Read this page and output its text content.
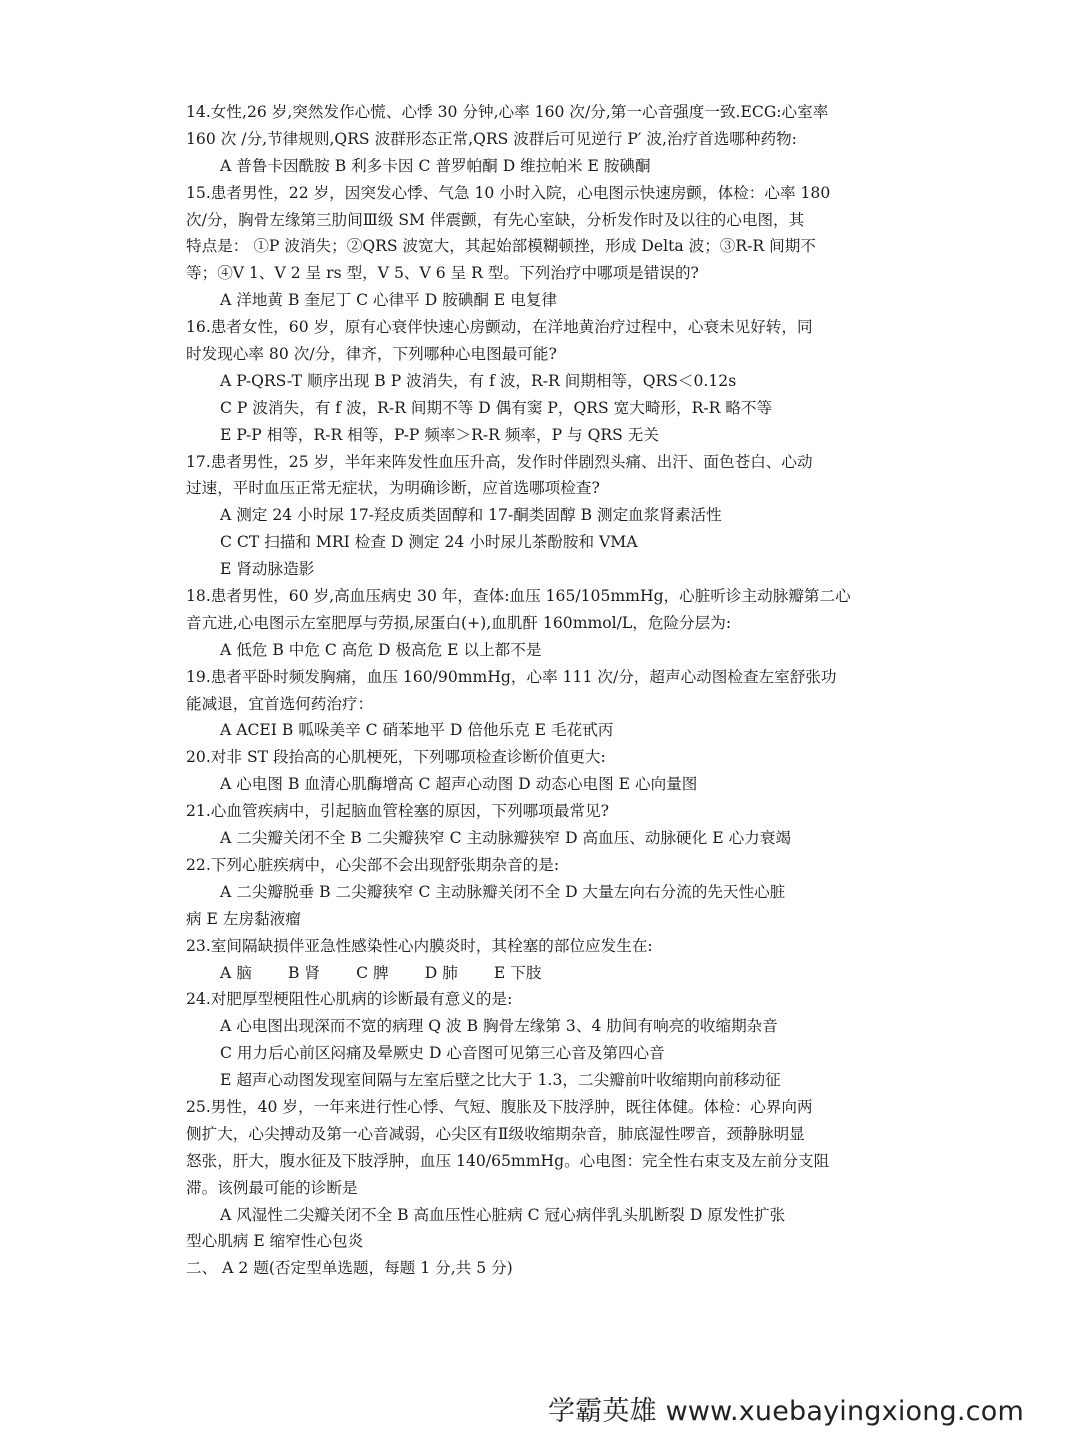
14.女性,26 岁,突然发作心慌、心悸 30 分钟,心率 160 次/分,第一心音强度一致.ECG:心室率
160 次 /分,节律规则,QRS 波群形态正常,QRS 波群后可见逆行 P′ 波,治疗首选哪种药物:
A 普鲁卡因酰胺 B 利多卡因 C 普罗帕酮 D 维拉帕米 E 胺碘酮
15.患者男性，22 岁，因突发心悸、气急 10 小时入院，心电图示快速房颤，体检：心率 180
次/分，胸骨左缘第三肋间Ⅲ级 SM 伴震颤，有先心室缺，分析发作时及以往的心电图，其
特点是： ①P 波消失；②QRS 波宽大，其起始部模糊顿挫，形成 Delta 波；③R-R 间期不
等；④V 1、V 2 呈 rs 型，V 5、V 6 呈 R 型。下列治疗中哪项是错误的?
A 洋地黄 B 奎尼丁 C 心律平 D 胺碘酮 E 电复律
16.患者女性，60 岁，原有心衰伴快速心房颤动，在洋地黄治疗过程中，心衰未见好转，同
时发现心率 80 次/分，律齐，下列哪种心电图最可能?
A P-QRS-T 顺序出现 B P 波消失，有 f 波，R-R 间期相等，QRS＜0.12s
C P 波消失，有 f 波，R-R 间期不等 D 偶有窦 P，QRS 宽大畸形，R-R 略不等
E P-P 相等，R-R 相等，P-P 频率＞R-R 频率，P 与 QRS 无关
17.患者男性，25 岁，半年来阵发性血压升高，发作时伴剧烈头痛、出汗、面色苍白、心动
过速，平时血压正常无症状，为明确诊断，应首选哪项检查?
A 测定 24 小时尿 17-羟皮质类固醇和 17-酮类固醇 B 测定血浆肾素活性
C CT 扫描和 MRI 检查 D 测定 24 小时尿儿茶酚胺和 VMA
E 肾动脉造影
18.患者男性，60 岁,高血压病史 30 年，查体:血压 165/105mmHg，心脏听诊主动脉瓣第二心
音亢进,心电图示左室肥厚与劳损,尿蛋白(+),血肌酐 160mmol/L，危险分层为:
A 低危 B 中危 C 高危 D 极高危 E 以上都不是
19.患者平卧时频发胸痛，血压 160/90mmHg，心率 111 次/分，超声心动图检查左室舒张功
能减退，宜首选何药治疗：
A ACEI B 呱哚美辛 C 硝苯地平 D 倍他乐克 E 毛花甙丙
20.对非 ST 段抬高的心肌梗死，下列哪项检查诊断价值更大:
A 心电图 B 血清心肌酶增高 C 超声心动图 D 动态心电图 E 心向量图
21.心血管疾病中，引起脑血管栓塞的原因，下列哪项最常见?
A 二尖瓣关闭不全 B 二尖瓣狭窄 C 主动脉瓣狭窄 D 高血压、动脉硬化 E 心力衰竭
22.下列心脏疾病中，心尖部不会出现舒张期杂音的是:
A 二尖瓣脱垂 B 二尖瓣狭窄 C 主动脉瓣关闭不全 D 大量左向右分流的先天性心脏
病 E 左房黏液瘤
23.室间隔缺损伴亚急性感染性心内膜炎时，其栓塞的部位应发生在:
A 脑　　 B 肾　　 C 脾　　 D 肺　　 E 下肢
24.对肥厚型梗阻性心肌病的诊断最有意义的是:
A 心电图出现深而不宽的病理 Q 波 B 胸骨左缘第 3、4 肋间有响亮的收缩期杂音
C 用力后心前区闷痛及晕厥史 D 心音图可见第三心音及第四心音
E 超声心动图发现室间隔与左室后壁之比大于 1.3，二尖瓣前叶收缩期向前移动征
25.男性，40 岁，一年来进行性心悸、气短、腹胀及下肢浮肿，既往体健。体检：心界向两
侧扩大，心尖搏动及第一心音减弱，心尖区有Ⅱ级收缩期杂音，肺底湿性啰音，颈静脉明显
怒张，肝大，腹水征及下肢浮肿，血压 140/65mmHg。心电图：完全性右束支及左前分支阻
滞。该例最可能的诊断是
A 风湿性二尖瓣关闭不全 B 高血压性心脏病 C 冠心病伴乳头肌断裂 D 原发性扩张
型心肌病 E 缩窄性心包炎
二、 A 2 题(否定型单选题，每题 1 分,共 5 分)
学霸英雄 www.xuebayingxiong.com
